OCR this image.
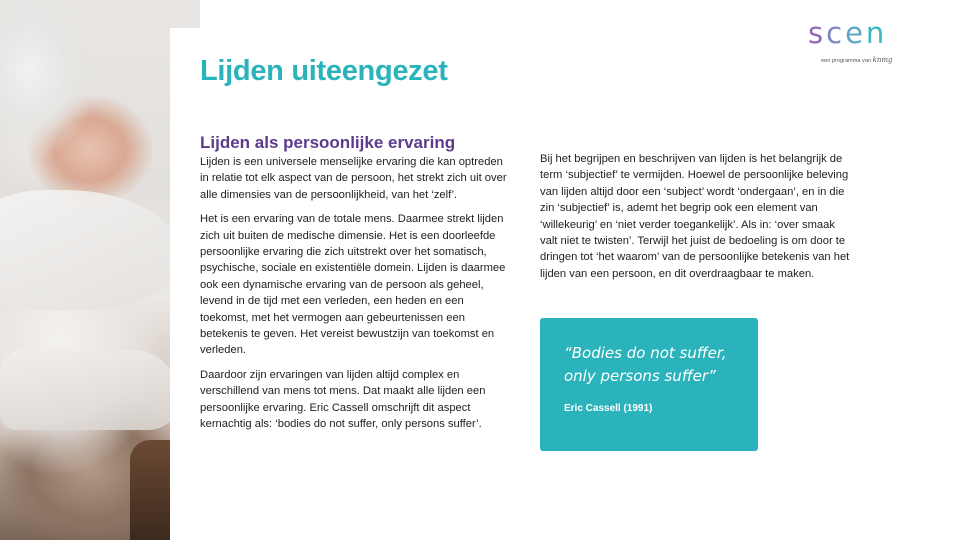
Lijden uiteengezet
scen
een programma van knmg
Lijden als persoonlijke ervaring

Lijden is een universele menselijke ervaring die kan optreden in relatie tot elk aspect van de persoon, het strekt zich uit over alle dimensies van de persoonlijkheid, van het ‘zelf’.

Het is een ervaring van de totale mens. Daarmee strekt lijden zich uit buiten de medische dimensie. Het is een doorleefde persoonlijke ervaring die zich uitstrekt over het somatisch, psychische, sociale en existentiële domein. Lijden is daarmee ook een dynamische ervaring van de persoon als geheel, levend in de tijd met een verleden, een heden en een toekomst, met het vermogen aan gebeurtenissen een betekenis te geven. Het vereist bewustzijn van toekomst en verleden.

Daardoor zijn ervaringen van lijden altijd complex en verschillend van mens tot mens. Dat maakt alle lijden een persoonlijke ervaring. Eric Cassell omschrijft dit aspect kernachtig als: ‘bodies do not suffer, only persons suffer’.

Bij het begrijpen en beschrijven van lijden is het belangrijk de term ‘subjectief’ te vermijden. Hoewel de persoonlijke beleving van lijden altijd door een ‘subject’ wordt ‘ondergaan’, en in die zin ‘subjectief’ is, ademt het begrip ook een element van ‘willekeurig’ en ‘niet verder toegankelijk’. Als in: ‘over smaak valt niet te twisten’. Terwijl het juist de bedoeling is om door te dringen tot ‘het waarom’ van de persoonlijke betekenis van het lijden van een persoon, en dit overdraagbaar te maken.

“Bodies do not suffer, only persons suffer”
Eric Cassell (1991)
